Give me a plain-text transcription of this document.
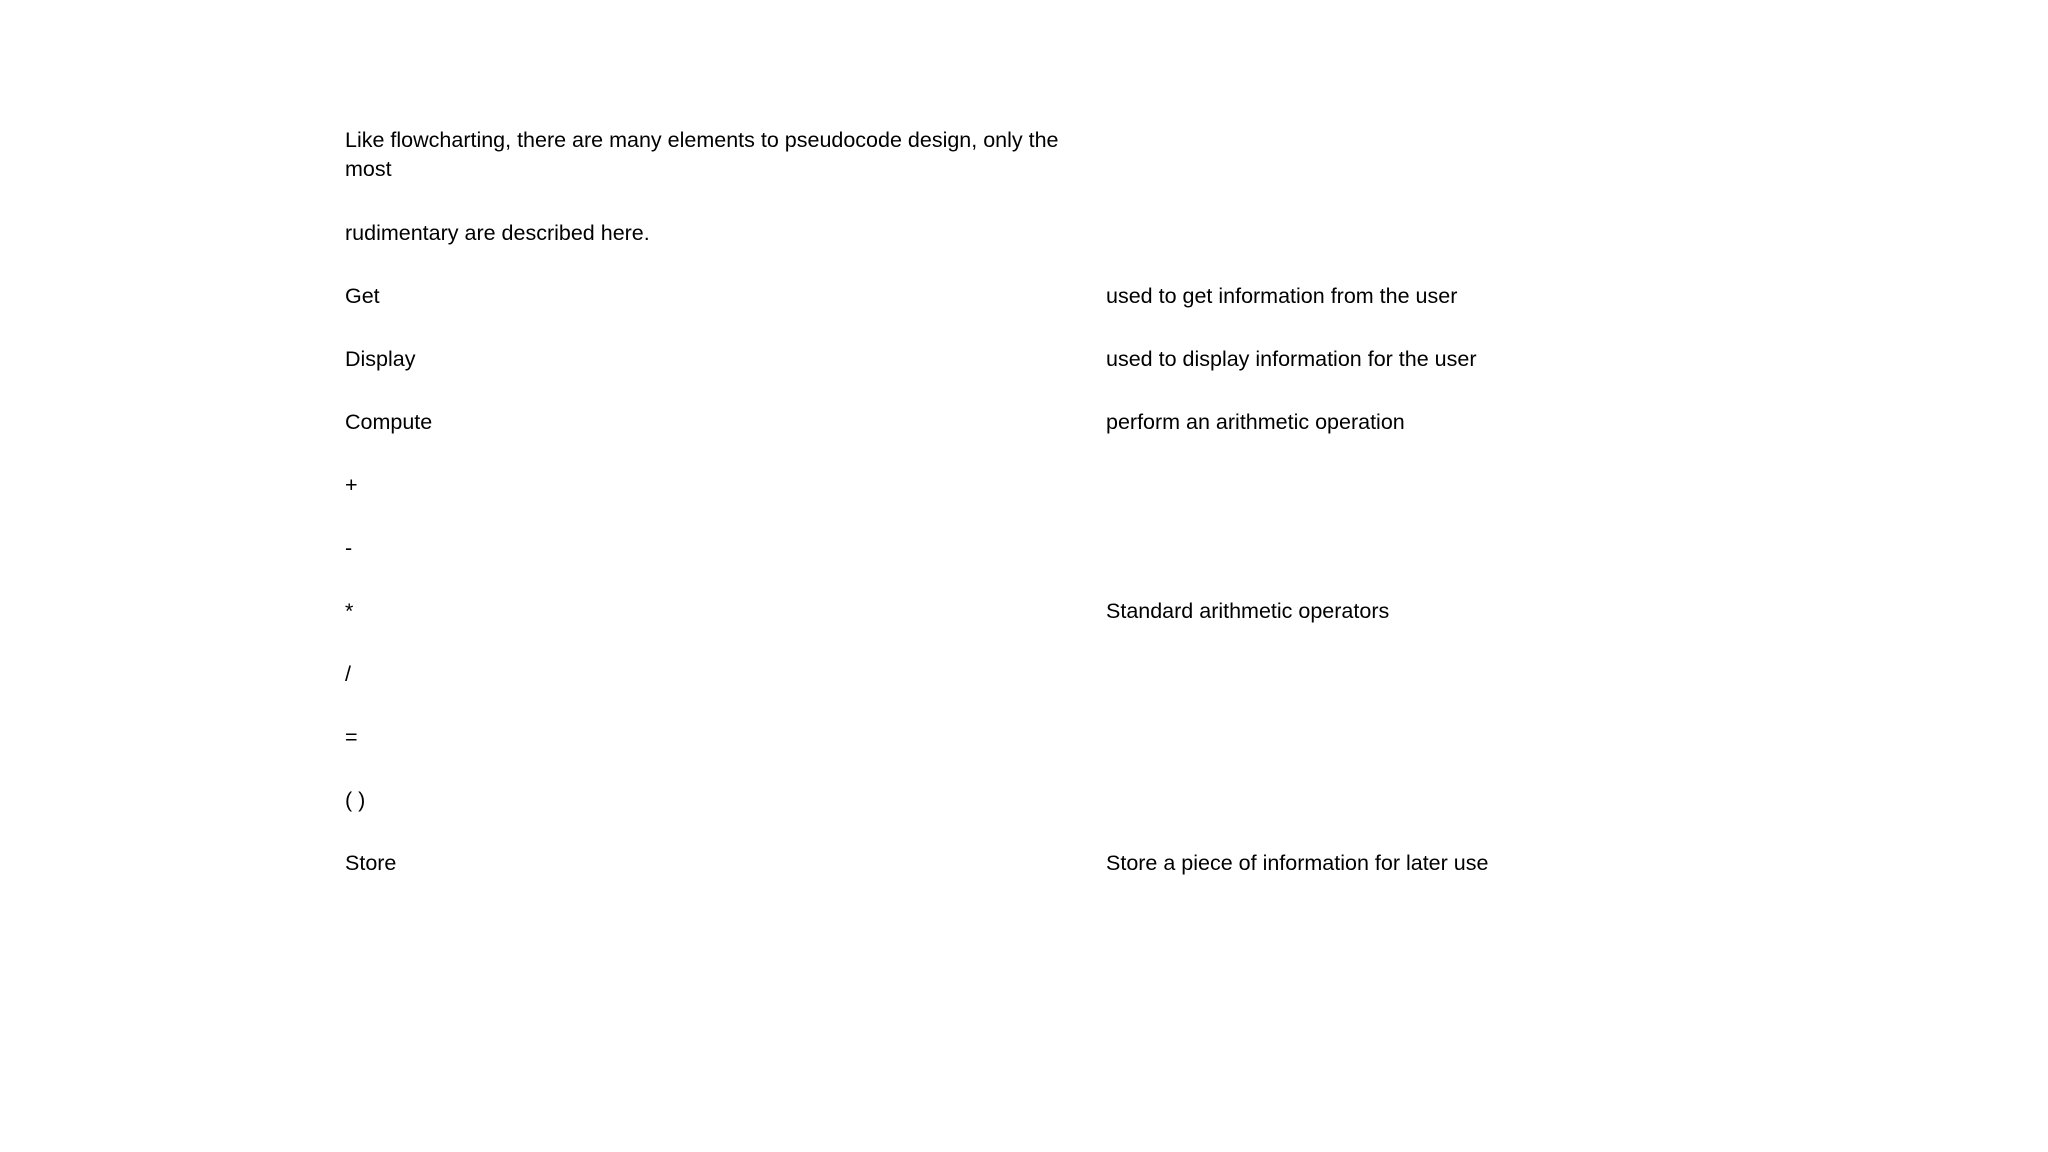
Like flowcharting, there are many elements to pseudocode design, only the most
rudimentary are described here.
Get	used to get information from the user
Display	used to display information for the user
Compute	perform an arithmetic operation
+
-
*	Standard arithmetic operators
/
=
( )
Store	Store a piece of information for later use
